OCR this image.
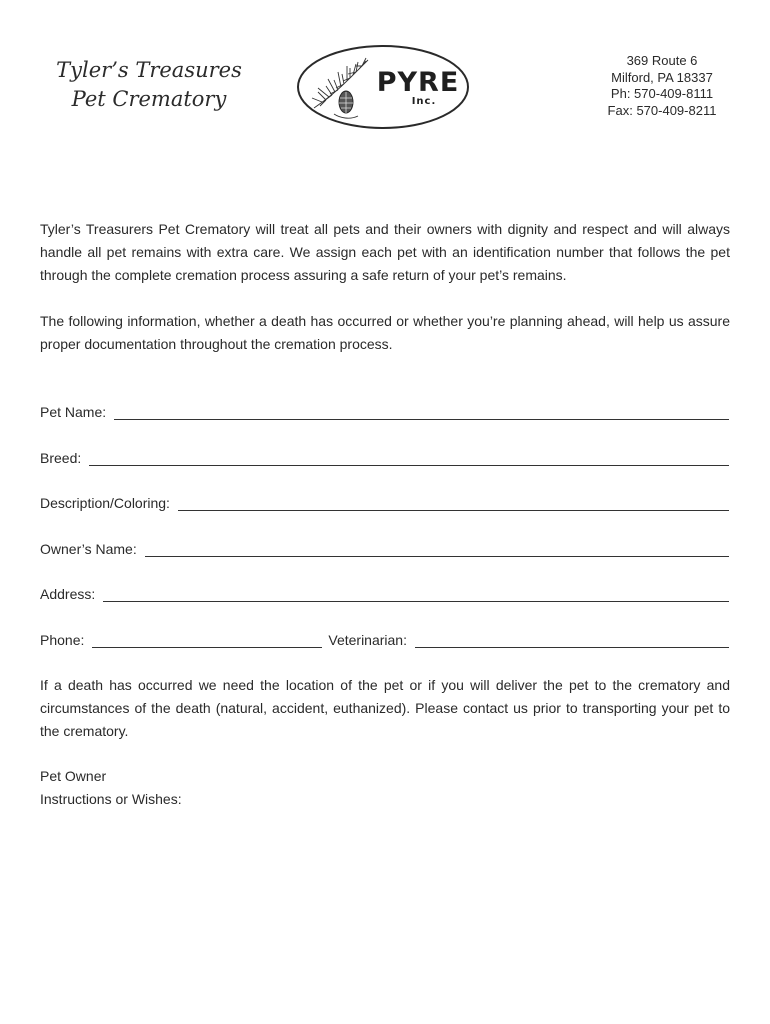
Tyler’s Treasures
Pet Crematory
PYRE
Inc.
369 Route 6
Milford, PA 18337
Ph: 570-409-8111
Fax: 570-409-8211

Tyler’s Treasurers Pet Crematory will treat all pets and their owners with dignity and respect and will always handle all pet remains with extra care. We assign each pet with an identification number that follows the pet through the complete cremation process assuring a safe return of your pet’s remains.

The following information, whether a death has occurred or whether you’re planning ahead, will help us assure proper documentation throughout the cremation process.

Pet Name:
Breed:
Description/Coloring:
Owner’s Name:
Address:
Phone:	Veterinarian:

If a death has occurred we need the location of the pet or if you will deliver the pet to the crematory and circumstances of the death (natural, accident, euthanized). Please contact us prior to transporting your pet to the crematory.

Pet Owner
Instructions or Wishes:
